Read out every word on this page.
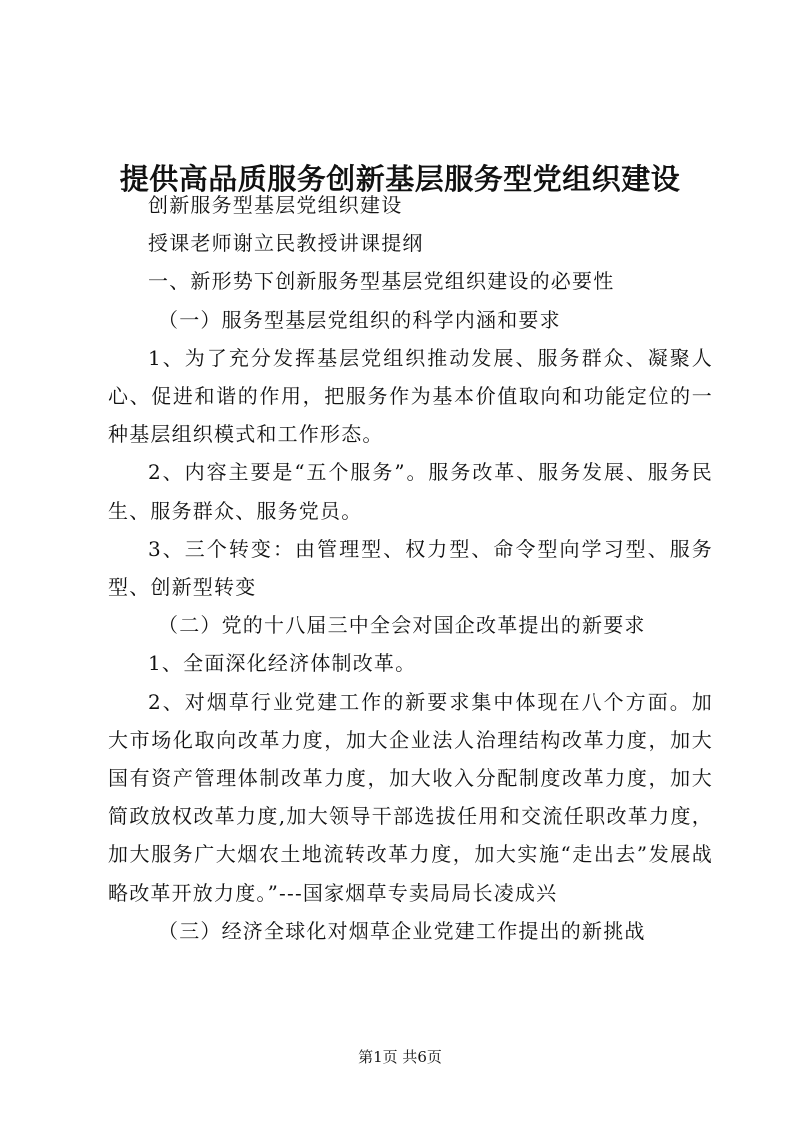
提供高品质服务创新基层服务型党组织建设

创新服务型基层党组织建设

授课老师谢立民教授讲课提纲

一、新形势下创新服务型基层党组织建设的必要性

（一）服务型基层党组织的科学内涵和要求

1、为了充分发挥基层党组织推动发展、服务群众、凝聚人心、促进和谐的作用，把服务作为基本价值取向和功能定位的一种基层组织模式和工作形态。

2、内容主要是“五个服务”。服务改革、服务发展、服务民生、服务群众、服务党员。

3、三个转变：由管理型、权力型、命令型向学习型、服务型、创新型转变

（二）党的十八届三中全会对国企改革提出的新要求

1、全面深化经济体制改革。

2、对烟草行业党建工作的新要求集中体现在八个方面。加大市场化取向改革力度，加大企业法人治理结构改革力度，加大国有资产管理体制改革力度，加大收入分配制度改革力度，加大简政放权改革力度,加大领导干部选拔任用和交流任职改革力度，加大服务广大烟农土地流转改革力度，加大实施“走出去”发展战略改革开放力度。”---国家烟草专卖局局长凌成兴

（三）经济全球化对烟草企业党建工作提出的新挑战

第1页 共6页
